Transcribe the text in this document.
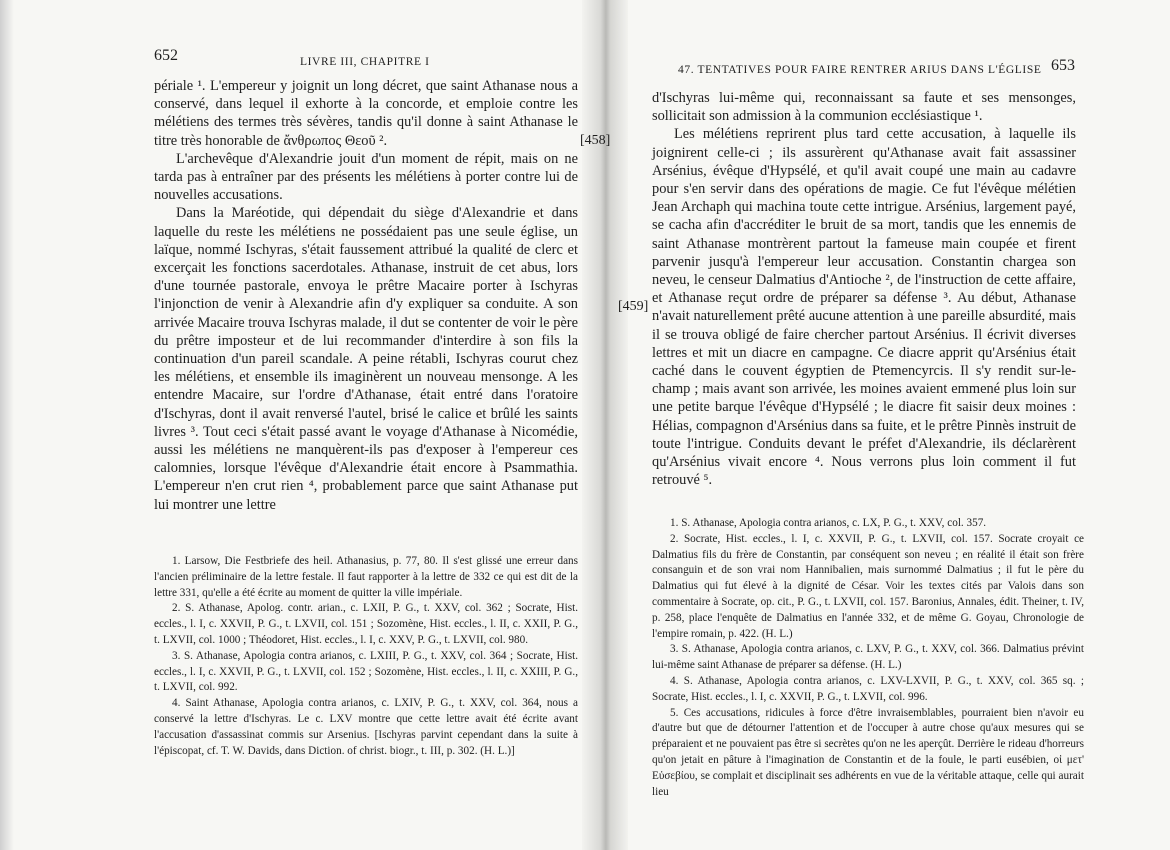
652	LIVRE III, CHAPITRE I

périale ¹. L'empereur y joignit un long décret, que saint Athanase nous a conservé, dans lequel il exhorte à la concorde, et emploie contre les mélétiens des termes très sévères, tandis qu'il donne à saint Athanase le titre très honorable de ἄνθρωπος Θεοῦ ².

L'archevêque d'Alexandrie jouit d'un moment de répit, mais on ne tarda pas à entraîner par des présents les mélétiens à porter contre lui de nouvelles accusations.

Dans la Maréotide, qui dépendait du siège d'Alexandrie et dans laquelle du reste les mélétiens ne possédaient pas une seule église, un laïque, nommé Ischyras, s'était faussement attribué la qualité de clerc et excerçait les fonctions sacerdotales. Athanase, instruit de cet abus, lors d'une tournée pastorale, envoya le prêtre Macaire porter à Ischyras l'injonction de venir à Alexandrie afin d'y expliquer sa conduite. A son arrivée Macaire trouva Ischyras malade, il dut se contenter de voir le père du prêtre imposteur et de lui recommander d'interdire à son fils la continuation d'un pareil scandale. A peine rétabli, Ischyras courut chez les mélétiens, et ensemble ils imaginèrent un nouveau mensonge. A les entendre Macaire, sur l'ordre d'Athanase, était entré dans l'oratoire d'Ischyras, dont il avait renversé l'autel, brisé le calice et brûlé les saints livres ³. Tout ceci s'était passé avant le voyage d'Athanase à Nicomédie, aussi les mélétiens ne manquèrent-ils pas d'exposer à l'empereur ces calomnies, lorsque l'évêque d'Alexandrie était encore à Psammathia. L'empereur n'en crut rien ⁴, probablement parce que saint Athanase put lui montrer une lettre

1. Larsow, Die Festbriefe des heil. Athanasius, p. 77, 80. Il s'est glissé une erreur dans l'ancien préliminaire de la lettre festale. Il faut rapporter à la lettre de 332 ce qui est dit de la lettre 331, qu'elle a été écrite au moment de quitter la ville impériale.

2. S. Athanase, Apolog. contr. arian., c. LXII, P. G., t. XXV, col. 362 ; Socrate, Hist. eccles., l. I, c. XXVII, P. G., t. LXVII, col. 151 ; Sozomène, Hist. eccles., l. II, c. XXII, P. G., t. LXVII, col. 1000 ; Théodoret, Hist. eccles., l. I, c. XXV, P. G., t. LXVII, col. 980.

3. S. Athanase, Apologia contra arianos, c. LXIII, P. G., t. XXV, col. 364 ; Socrate, Hist. eccles., l. I, c. XXVII, P. G., t. LXVII, col. 152 ; Sozomène, Hist. eccles., l. II, c. XXIII, P. G., t. LXVII, col. 992.

4. Saint Athanase, Apologia contra arianos, c. LXIV, P. G., t. XXV, col. 364, nous a conservé la lettre d'Ischyras. Le c. LXV montre que cette lettre avait été écrite avant l'accusation d'assassinat commis sur Arsenius. [Ischyras parvint cependant dans la suite à l'épiscopat, cf. T. W. Davids, dans Diction. of christ. biogr., t. III, p. 302. (H. L.)]

47. TENTATIVES POUR FAIRE RENTRER ARIUS DANS L'ÉGLISE 653
[458]
[459]

d'Ischyras lui-même qui, reconnaissant sa faute et ses mensonges, sollicitait son admission à la communion ecclésiastique ¹.

Les mélétiens reprirent plus tard cette accusation, à laquelle ils joignirent celle-ci ; ils assurèrent qu'Athanase avait fait assassiner Arsénius, évêque d'Hypsélé, et qu'il avait coupé une main au cadavre pour s'en servir dans des opérations de magie. Ce fut l'évêque mélétien Jean Archaph qui machina toute cette intrigue. Arsénius, largement payé, se cacha afin d'accréditer le bruit de sa mort, tandis que les ennemis de saint Athanase montrèrent partout la fameuse main coupée et firent parvenir jusqu'à l'empereur leur accusation. Constantin chargea son neveu, le censeur Dalmatius d'Antioche ², de l'instruction de cette affaire, et Athanase reçut ordre de préparer sa défense ³. Au début, Athanase n'avait naturellement prêté aucune attention à une pareille absurdité, mais il se trouva obligé de faire chercher partout Arsénius. Il écrivit diverses lettres et mit un diacre en campagne. Ce diacre apprit qu'Arsénius était caché dans le couvent égyptien de Ptemencyrcis. Il s'y rendit sur-le-champ ; mais avant son arrivée, les moines avaient emmené plus loin sur une petite barque l'évêque d'Hypsélé ; le diacre fit saisir deux moines : Hélias, compagnon d'Arsénius dans sa fuite, et le prêtre Pinnès instruit de toute l'intrigue. Conduits devant le préfet d'Alexandrie, ils déclarèrent qu'Arsénius vivait encore ⁴. Nous verrons plus loin comment il fut retrouvé ⁵.

1. S. Athanase, Apologia contra arianos, c. LX, P. G., t. XXV, col. 357.

2. Socrate, Hist. eccles., l. I, c. XXVII, P. G., t. LXVII, col. 157. Socrate croyait ce Dalmatius fils du frère de Constantin, par conséquent son neveu ; en réalité il était son frère consanguin et de son vrai nom Hannibalien, mais surnommé Dalmatius ; il fut le père du Dalmatius qui fut élevé à la dignité de César. Voir les textes cités par Valois dans son commentaire à Socrate, op. cit., P. G., t. LXVII, col. 157. Baronius, Annales, édit. Theiner, t. IV, p. 258, place l'enquête de Dalmatius en l'année 332, et de même G. Goyau, Chronologie de l'empire romain, p. 422. (H. L.)

3. S. Athanase, Apologia contra arianos, c. LXV, P. G., t. XXV, col. 366. Dalmatius prévint lui-même saint Athanase de préparer sa défense. (H. L.)

4. S. Athanase, Apologia contra arianos, c. LXV-LXVII, P. G., t. XXV, col. 365 sq. ; Socrate, Hist. eccles., l. I, c. XXVII, P. G., t. LXVII, col. 996.

5. Ces accusations, ridicules à force d'être invraisemblables, pourraient bien n'avoir eu d'autre but que de détourner l'attention et de l'occuper à autre chose qu'aux mesures qui se préparaient et ne pouvaient pas être si secrètes qu'on ne les aperçût. Derrière le rideau d'horreurs qu'on jetait en pâture à l'imagination de Constantin et de la foule, le parti eusébien, οἱ μετ' Εὐσεβίου, se complait et disciplinait ses adhérents en vue de la véritable attaque, celle qui aurait lieu
